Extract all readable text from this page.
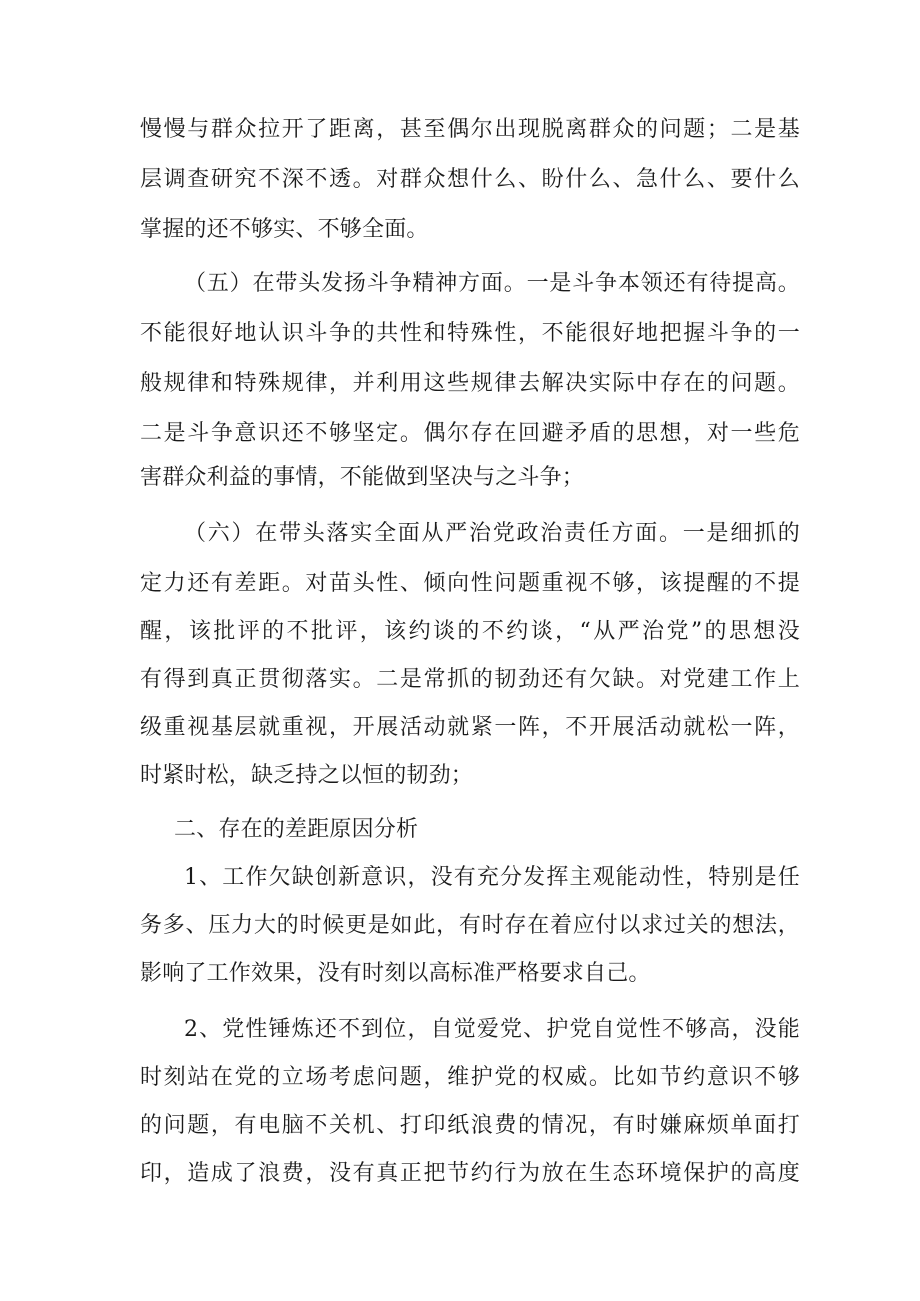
慢慢与群众拉开了距离，甚至偶尔出现脱离群众的问题；二是基
层调查研究不深不透。对群众想什么、盼什么、急什么、要什么
掌握的还不够实、不够全面。
（五）在带头发扬斗争精神方面。一是斗争本领还有待提高。
不能很好地认识斗争的共性和特殊性，不能很好地把握斗争的一
般规律和特殊规律，并利用这些规律去解决实际中存在的问题。
二是斗争意识还不够坚定。偶尔存在回避矛盾的思想，对一些危
害群众利益的事情，不能做到坚决与之斗争；
（六）在带头落实全面从严治党政治责任方面。一是细抓的
定力还有差距。对苗头性、倾向性问题重视不够，该提醒的不提
醒，该批评的不批评，该约谈的不约谈，“从严治党”的思想没
有得到真正贯彻落实。二是常抓的韧劲还有欠缺。对党建工作上
级重视基层就重视，开展活动就紧一阵，不开展活动就松一阵，
时紧时松，缺乏持之以恒的韧劲；
二、存在的差距原因分析
1、工作欠缺创新意识，没有充分发挥主观能动性，特别是任
务多、压力大的时候更是如此，有时存在着应付以求过关的想法，
影响了工作效果，没有时刻以高标准严格要求自己。
2、党性锤炼还不到位，自觉爱党、护党自觉性不够高，没能
时刻站在党的立场考虑问题，维护党的权威。比如节约意识不够
的问题，有电脑不关机、打印纸浪费的情况，有时嫌麻烦单面打
印，造成了浪费，没有真正把节约行为放在生态环境保护的高度
